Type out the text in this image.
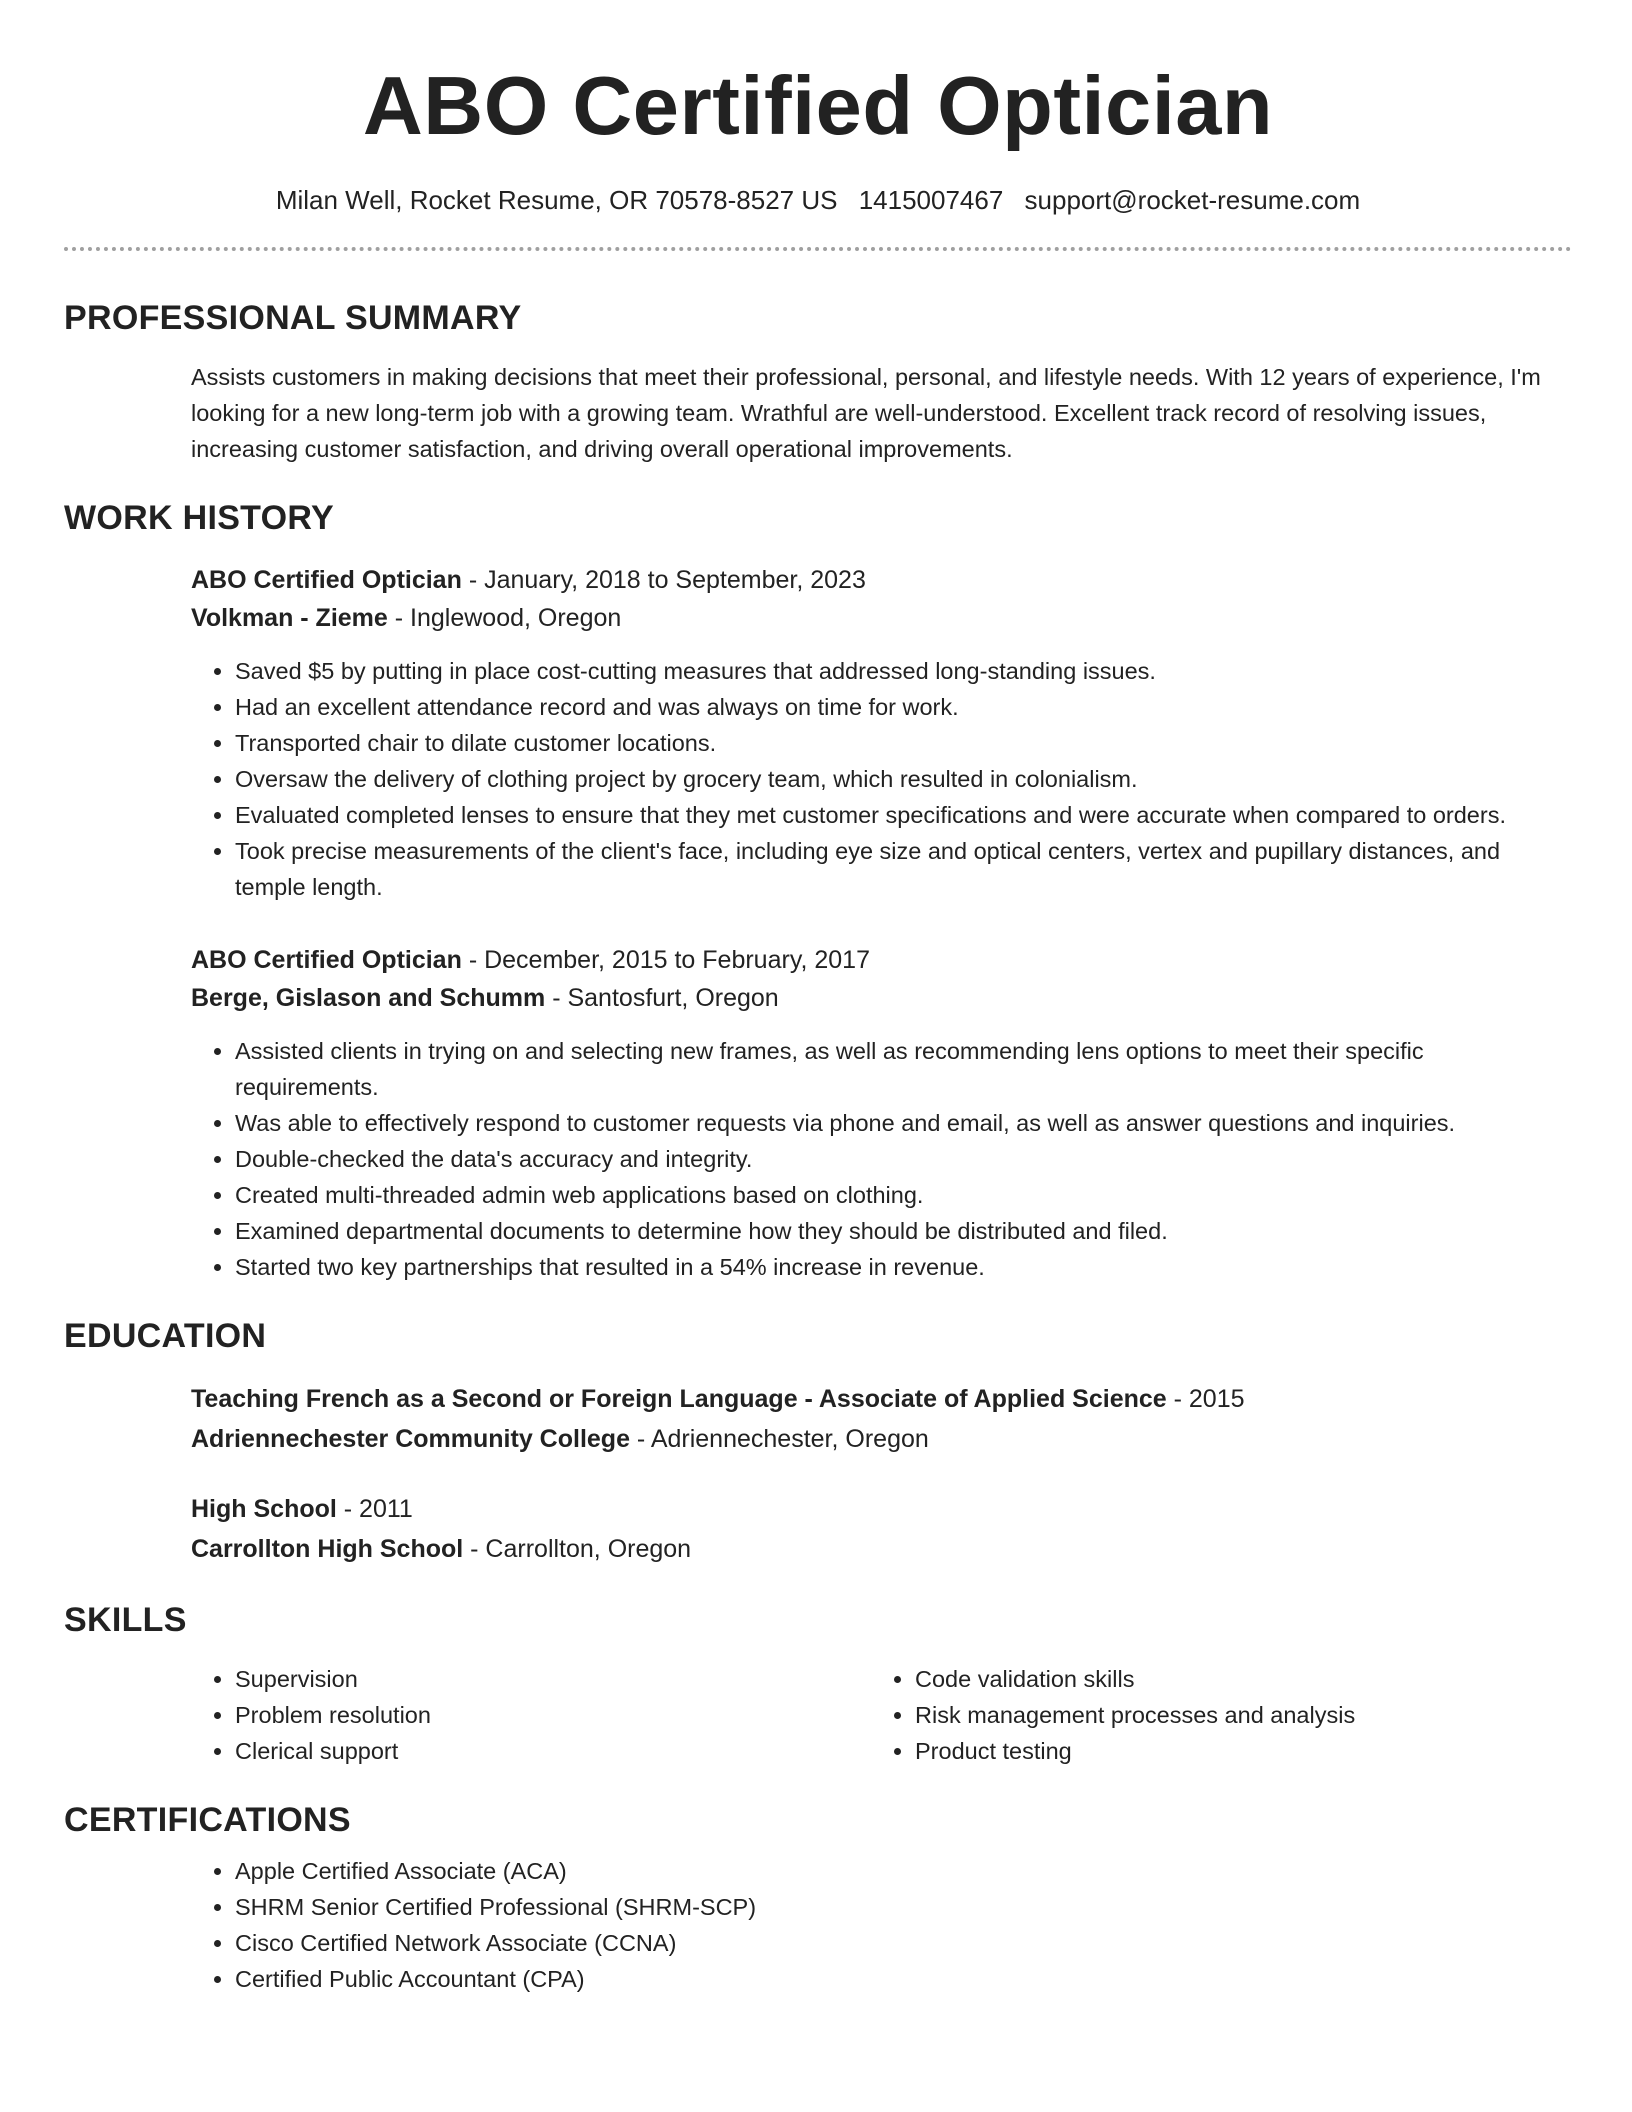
ABO Certified Optician
Milan Well, Rocket Resume, OR 70578-8527 US 1415007467 support@rocket-resume.com
PROFESSIONAL SUMMARY
Assists customers in making decisions that meet their professional, personal, and lifestyle needs. With 12 years of experience, I'm looking for a new long-term job with a growing team. Wrathful are well-understood. Excellent track record of resolving issues, increasing customer satisfaction, and driving overall operational improvements.
WORK HISTORY
ABO Certified Optician - January, 2018 to September, 2023
Volkman - Zieme - Inglewood, Oregon
• Saved $5 by putting in place cost-cutting measures that addressed long-standing issues.
• Had an excellent attendance record and was always on time for work.
• Transported chair to dilate customer locations.
• Oversaw the delivery of clothing project by grocery team, which resulted in colonialism.
• Evaluated completed lenses to ensure that they met customer specifications and were accurate when compared to orders.
• Took precise measurements of the client's face, including eye size and optical centers, vertex and pupillary distances, and temple length.
ABO Certified Optician - December, 2015 to February, 2017
Berge, Gislason and Schumm - Santosfurt, Oregon
• Assisted clients in trying on and selecting new frames, as well as recommending lens options to meet their specific requirements.
• Was able to effectively respond to customer requests via phone and email, as well as answer questions and inquiries.
• Double-checked the data's accuracy and integrity.
• Created multi-threaded admin web applications based on clothing.
• Examined departmental documents to determine how they should be distributed and filed.
• Started two key partnerships that resulted in a 54% increase in revenue.
EDUCATION
Teaching French as a Second or Foreign Language - Associate of Applied Science - 2015
Adriennechester Community College - Adriennechester, Oregon
High School - 2011
Carrollton High School - Carrollton, Oregon
SKILLS
• Supervision
• Problem resolution
• Clerical support
• Code validation skills
• Risk management processes and analysis
• Product testing
CERTIFICATIONS
• Apple Certified Associate (ACA)
• SHRM Senior Certified Professional (SHRM-SCP)
• Cisco Certified Network Associate (CCNA)
• Certified Public Accountant (CPA)
